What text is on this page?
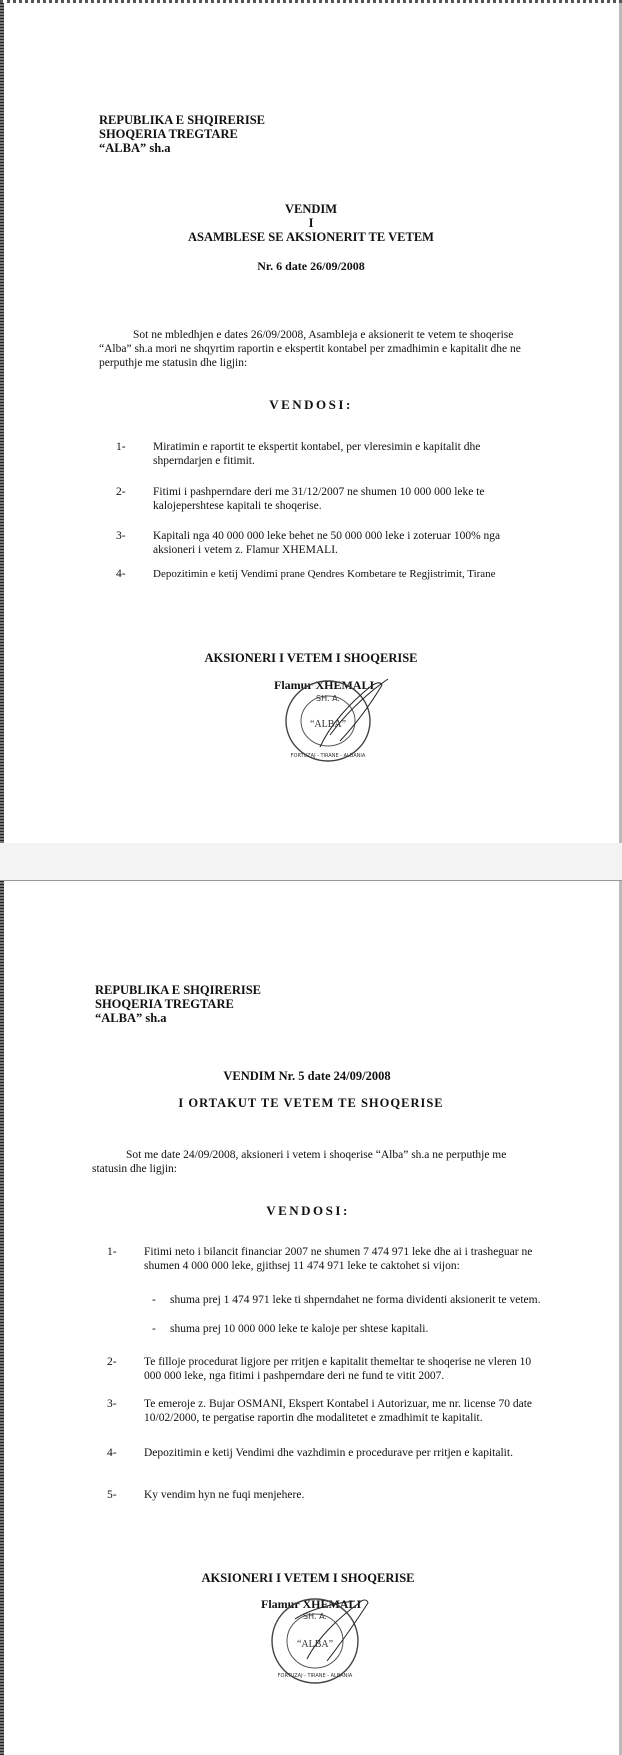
REPUBLIKA E SHQIRERISE
SHOQERIA TREGTARE
“ALBA” sh.a
VENDIM
I
ASAMBLESE SE AKSIONERIT TE VETEM
Nr. 6 date 26/09/2008
Sot ne mbledhjen e dates 26/09/2008, Asambleja e aksionerit te vetem te shoqerise “Alba” sh.a mori ne shqyrtim raportin e ekspertit kontabel per zmadhimin e kapitalit dhe ne perputhje me statusin dhe ligjin:
VENDOSI:
1- Miratimin e raportit te ekspertit kontabel, per vleresimin e kapitalit dhe shperndarjen e fitimit.
2- Fitimi i pashperndare deri me 31/12/2007 ne shumen 10 000 000 leke te kalojepershtese kapitali te shoqerise.
3- Kapitali nga 40 000 000 leke behet ne 50 000 000 leke i zoteruar 100% nga aksioneri i vetem z. Flamur XHEMALI.
4- Depozitimin e ketij Vendimi prane Qendres Kombetare te Regjistrimit, Tirane
AKSIONERI I VETEM I SHOQERISE
Flamur XHEMALI
SH. A.
“ALBA”
FORTUZAJ - TIRANE - ALBANIA
REPUBLIKA E SHQIRERISE
SHOQERIA TREGTARE
“ALBA” sh.a
VENDIM Nr. 5 date 24/09/2008
I ORTAKUT TE VETEM TE SHOQERISE
Sot me date 24/09/2008, aksioneri i vetem i shoqerise “Alba” sh.a ne perputhje me statusin dhe ligjin:
VENDOSI:
1- Fitimi neto i bilancit financiar 2007 ne shumen 7 474 971 leke dhe ai i trasheguar ne shumen 4 000 000 leke, gjithsej 11 474 971 leke te caktohet si vijon:
- shuma prej 1 474 971 leke ti shperndahet ne forma dividenti aksionerit te vetem.
- shuma prej 10 000 000 leke te kaloje per shtese kapitali.
2- Te filloje procedurat ligjore per rritjen e kapitalit themeltar te shoqerise ne vleren 10 000 000 leke, nga fitimi i pashperndare deri ne fund te vitit 2007.
3- Te emeroje z. Bujar OSMANI, Ekspert Kontabel i Autorizuar, me nr. license 70 date 10/02/2000, te pergatise raportin dhe modalitetet e zmadhimit te kapitalit.
4- Depozitimin e ketij Vendimi dhe vazhdimin e procedurave per rritjen e kapitalit.
5- Ky vendim hyn ne fuqi menjehere.
AKSIONERI I VETEM I SHOQERISE
Flamur XHEMALI
SH. A.
“ALBA”
FORTUZAJ - TIRANE - ALBANIA
